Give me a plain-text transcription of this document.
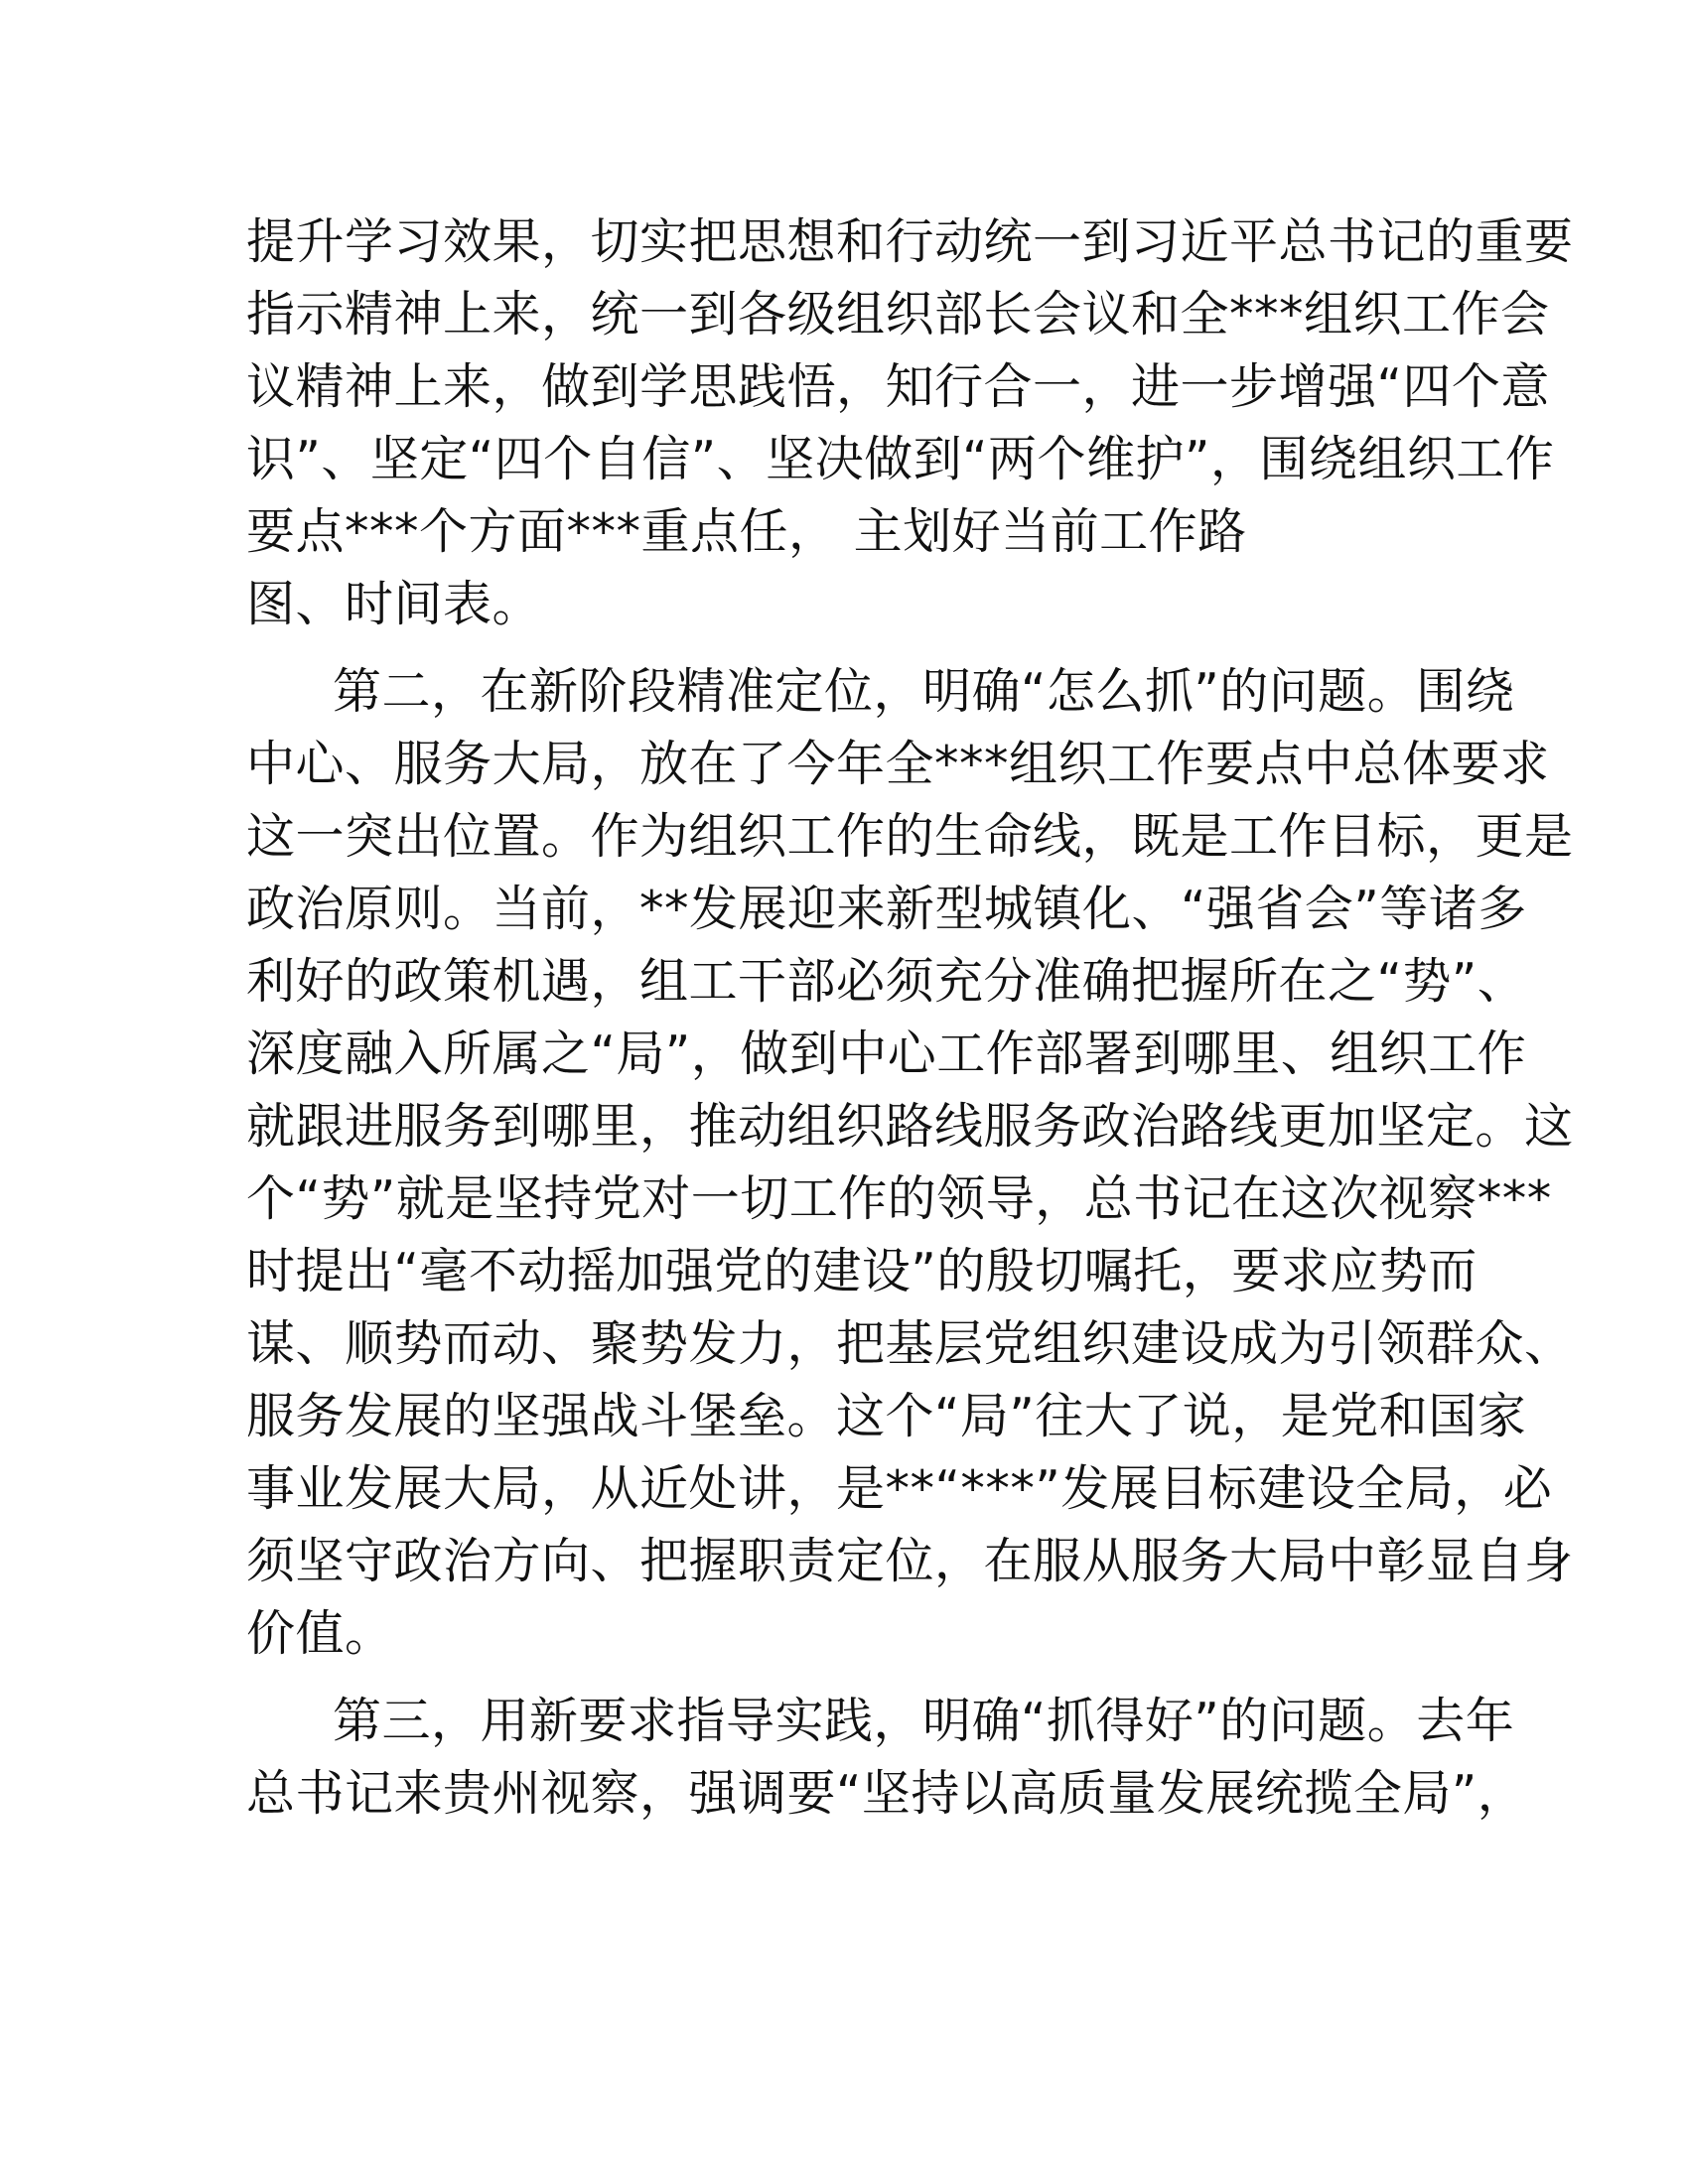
提升学习效果，切实把思想和行动统一到习近平总书记的重要
指示精神上来，统一到各级组织部长会议和全***组织工作会
议精神上来，做到学思践悟，知行合一，进一步增强“四个意
识”、坚定“四个自信”、坚决做到“两个维护”，围绕组织工作
要点***个方面***重点任， 主划好当前工作路
图、时间表。
第二，在新阶段精准定位，明确“怎么抓”的问题。围绕
中心、服务大局，放在了今年全***组织工作要点中总体要求
这一突出位置。作为组织工作的生命线，既是工作目标，更是
政治原则。当前，**发展迎来新型城镇化、“强省会”等诸多
利好的政策机遇，组工干部必须充分准确把握所在之“势”、
深度融入所属之“局”，做到中心工作部署到哪里、组织工作
就跟进服务到哪里，推动组织路线服务政治路线更加坚定。这
个“势”就是坚持党对一切工作的领导，总书记在这次视察***
时提出“毫不动摇加强党的建设”的殷切嘱托，要求应势而
谋、顺势而动、聚势发力，把基层党组织建设成为引领群众、
服务发展的坚强战斗堡垒。这个“局”往大了说，是党和国家
事业发展大局，从近处讲，是**“***”发展目标建设全局，必
须坚守政治方向、把握职责定位，在服从服务大局中彰显自身
价值。
第三，用新要求指导实践，明确“抓得好”的问题。去年
总书记来贵州视察，强调要“坚持以高质量发展统揽全局”，
